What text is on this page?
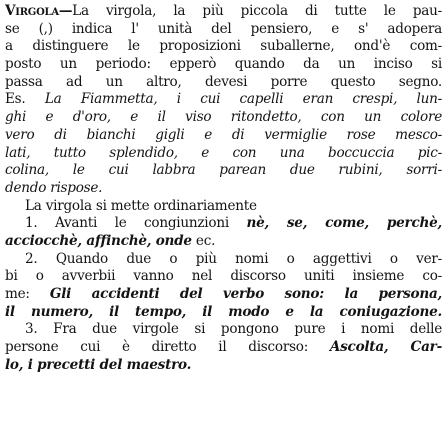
Virgola—La virgola, la più piccola di tutte le pau-
se (,) indica l' unità del pensiero, e s' adopera
a distinguere le proposizioni suballerne, ond'è com-
posto un periodo: epperò quando da un inciso si
passa ad un altro, devesi porre questo segno.
Es. La Fiammetta, i cui capelli eran crespi, lun-
ghi e d'oro, e il viso ritondetto, con un colore
vero di bianchi gigli e di vermiglie rose mesco-
lati, tutto splendido, e con una boccuccia pic-
colina, le cui labbra parean due rubini, sorri-
dendo rispose.
La virgola si mette ordinariamente
1. Avanti le congiunzioni nè, se, come, perchè,
acciocchè, affinchè, onde ec.
2. Quando due o più nomi o aggettivi o ver-
bi o avverbii vanno nel discorso uniti insieme co-
me: Gli accidenti del verbo sono: la persona,
il numero, il tempo, il modo e la coniugazione.
3. Fra due virgole si pongono pure i nomi delle
persone cui è diretto il discorso: Ascolta, Car-
lo, i precetti del maestro.
